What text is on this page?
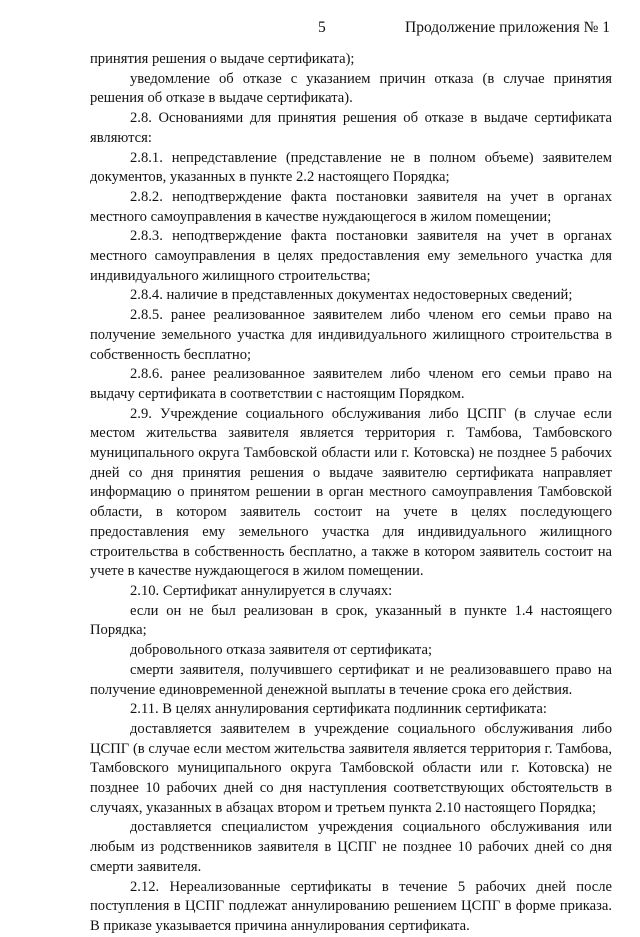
5	Продолжение приложения № 1

принятия решения о выдаче сертификата);

уведомление об отказе с указанием причин отказа (в случае принятия решения об отказе в выдаче сертификата).

2.8. Основаниями для принятия решения об отказе в выдаче сертификата являются:

2.8.1. непредставление (представление не в полном объеме) заявителем документов, указанных в пункте 2.2 настоящего Порядка;

2.8.2. неподтверждение факта постановки заявителя на учет в органах местного самоуправления в качестве нуждающегося в жилом помещении;

2.8.3. неподтверждение факта постановки заявителя на учет в органах местного самоуправления в целях предоставления ему земельного участка для индивидуального жилищного строительства;

2.8.4. наличие в представленных документах недостоверных сведений;

2.8.5. ранее реализованное заявителем либо членом его семьи право на получение земельного участка для индивидуального жилищного строительства в собственность бесплатно;

2.8.6. ранее реализованное заявителем либо членом его семьи право на выдачу сертификата в соответствии с настоящим Порядком.

2.9. Учреждение социального обслуживания либо ЦСПГ (в случае если местом жительства заявителя является территория г. Тамбова, Тамбовского муниципального округа Тамбовской области или г. Котовска) не позднее 5 рабочих дней со дня принятия решения о выдаче заявителю сертификата направляет информацию о принятом решении в орган местного самоуправления Тамбовской области, в котором заявитель состоит на учете в целях последующего предоставления ему земельного участка для индивидуального жилищного строительства в собственность бесплатно, а также в котором заявитель состоит на учете в качестве нуждающегося в жилом помещении.

2.10. Сертификат аннулируется в случаях:

если он не был реализован в срок, указанный в пункте 1.4 настоящего Порядка;

добровольного отказа заявителя от сертификата;

смерти заявителя, получившего сертификат и не реализовавшего право на получение единовременной денежной выплаты в течение срока его действия.

2.11. В целях аннулирования сертификата подлинник сертификата:

доставляется заявителем в учреждение социального обслуживания либо ЦСПГ (в случае если местом жительства заявителя является территория г. Тамбова, Тамбовского муниципального округа Тамбовской области или г. Котовска) не позднее 10 рабочих дней со дня наступления соответствующих обстоятельств в случаях, указанных в абзацах втором и третьем пункта 2.10 настоящего Порядка;

доставляется специалистом учреждения социального обслуживания или любым из родственников заявителя в ЦСПГ не позднее 10 рабочих дней со дня смерти заявителя.

2.12. Нереализованные сертификаты в течение 5 рабочих дней после поступления в ЦСПГ подлежат аннулированию решением ЦСПГ в форме приказа. В приказе указывается причина аннулирования сертификата.
